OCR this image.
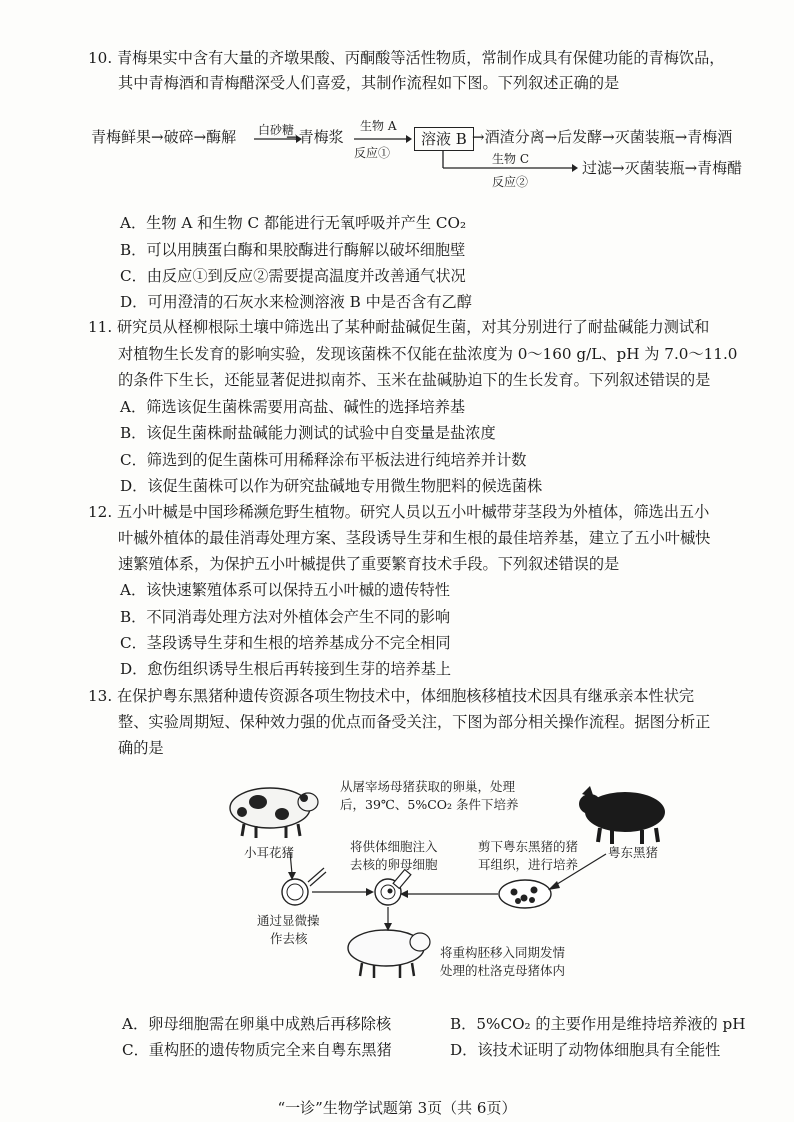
10. 青梅果实中含有大量的齐墩果酸、丙酮酸等活性物质，常制作成具有保健功能的青梅饮品，
其中青梅酒和青梅醋深受人们喜爱，其制作流程如下图。下列叙述正确的是
青梅鲜果→破碎→酶解 白砂糖
→青梅浆
生物 A
反应①
溶液 B →酒渣分离→后发酵→灭菌装瓶→青梅酒
生物 C	过滤→灭菌装瓶→青梅醋
反应②
A．生物 A 和生物 C 都能进行无氧呼吸并产生 CO₂
B．可以用胰蛋白酶和果胶酶进行酶解以破坏细胞壁
C．由反应①到反应②需要提高温度并改善通气状况
D．可用澄清的石灰水来检测溶液 B 中是否含有乙醇
11. 研究员从柽柳根际土壤中筛选出了某种耐盐碱促生菌，对其分别进行了耐盐碱能力测试和
对植物生长发育的影响实验，发现该菌株不仅能在盐浓度为 0～160 g/L、pH 为 7.0～11.0
的条件下生长，还能显著促进拟南芥、玉米在盐碱胁迫下的生长发育。下列叙述错误的是
A．筛选该促生菌株需要用高盐、碱性的选择培养基
B．该促生菌株耐盐碱能力测试的试验中自变量是盐浓度
C．筛选到的促生菌株可用稀释涂布平板法进行纯培养并计数
D．该促生菌株可以作为研究盐碱地专用微生物肥料的候选菌株
12. 五小叶槭是中国珍稀濒危野生植物。研究人员以五小叶槭带芽茎段为外植体，筛选出五小
叶槭外植体的最佳消毒处理方案、茎段诱导生芽和生根的最佳培养基，建立了五小叶槭快
速繁殖体系，为保护五小叶槭提供了重要繁育技术手段。下列叙述错误的是
A．该快速繁殖体系可以保持五小叶槭的遗传特性
B．不同消毒处理方法对外植体会产生不同的影响
C．茎段诱导生芽和生根的培养基成分不完全相同
D．愈伤组织诱导生根后再转接到生芽的培养基上
13. 在保护粤东黑猪种遗传资源各项生物技术中，体细胞核移植技术因具有继承亲本性状完
整、实验周期短、保种效力强的优点而备受关注，下图为部分相关操作流程。据图分析正
确的是
从屠宰场母猪获取的卵巢，处理
后，39℃、5%CO₂ 条件下培养
小耳花猪	将供体细胞注入
去核的卵母细胞
剪下粤东黑猪的猪
耳组织，进行培养
粤东黑猪
通过显微操
作去核
将重构胚移入同期发情
处理的杜洛克母猪体内
A．卵母细胞需在卵巢中成熟后再移除核	B．5%CO₂ 的主要作用是维持培养液的 pH
C．重构胚的遗传物质完全来自粤东黑猪	D．该技术证明了动物体细胞具有全能性
“一诊”生物学试题第 3页（共 6页）
